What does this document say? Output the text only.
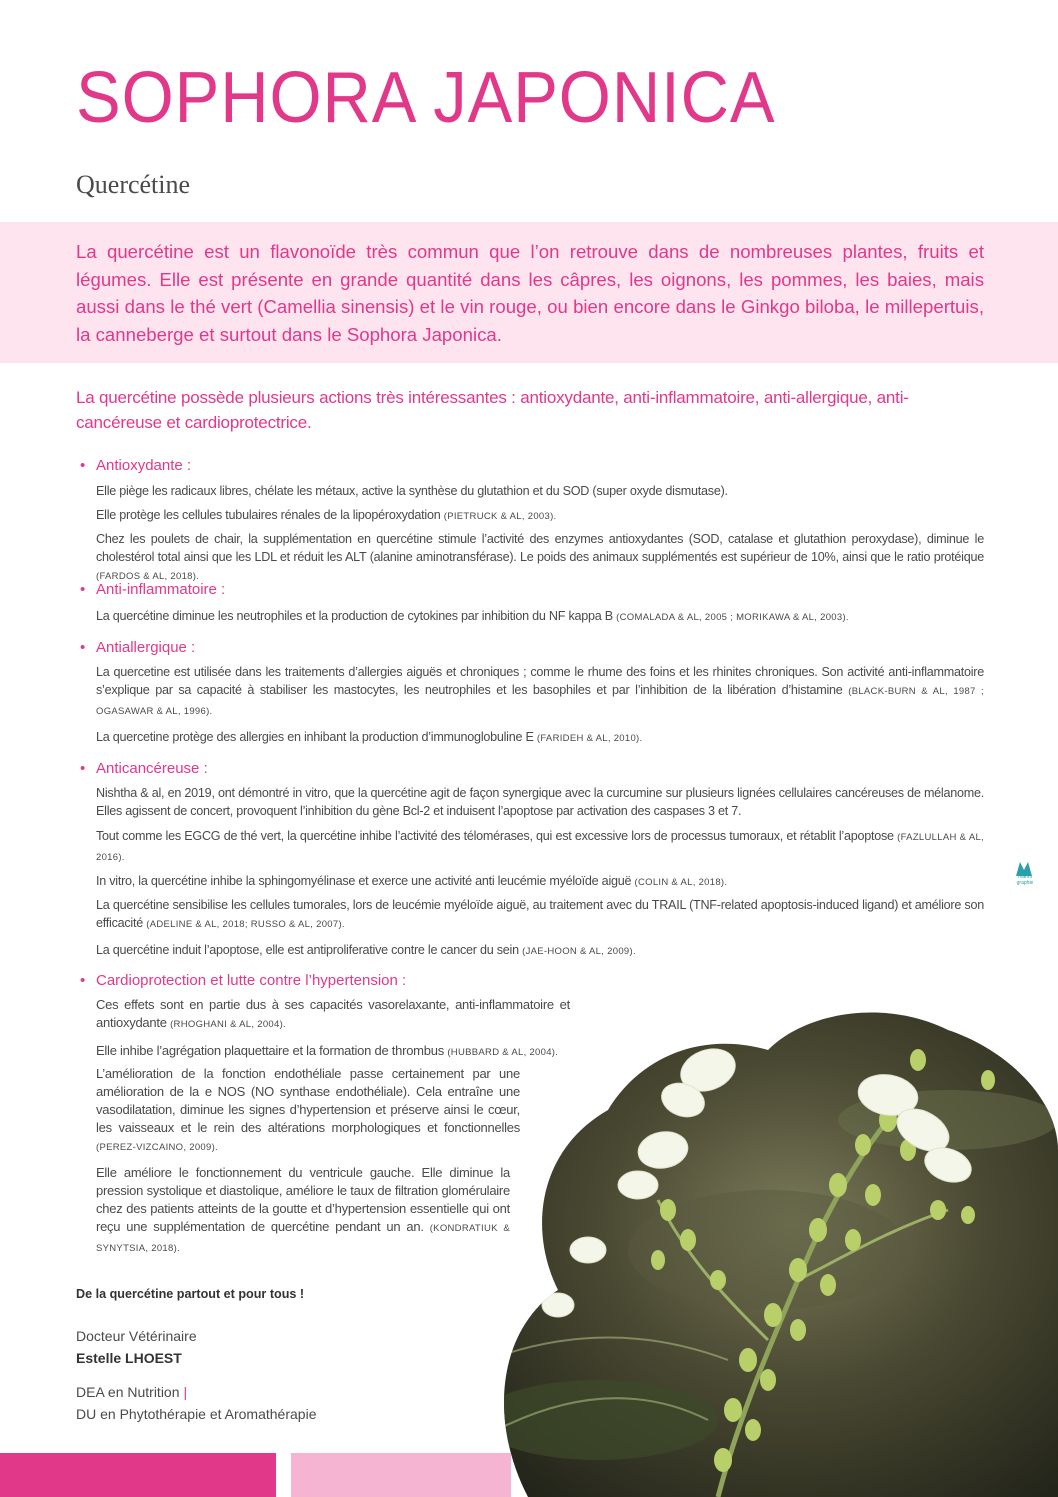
SOPHORA JAPONICA
Quercétine

La quercétine est un flavonoïde très commun que l’on retrouve dans de nombreuses plantes, fruits et légumes. Elle est présente en grande quantité dans les câpres, les oignons, les pommes, les baies, mais aussi dans le thé vert (Camellia sinensis) et le vin rouge, ou bien encore dans le Ginkgo biloba, le millepertuis, la canneberge et surtout dans le Sophora Japonica.

La quercétine possède plusieurs actions très intéressantes : antioxydante, anti-inflammatoire, anti-allergique, anti-cancéreuse et cardioprotectrice.

• Antioxydante :

Elle piège les radicaux libres, chélate les métaux, active la synthèse du glutathion et du SOD (super oxyde dismutase).

Elle protège les cellules tubulaires rénales de la lipopéroxydation (PIETRUCK & AL, 2003).

Chez les poulets de chair, la supplémentation en quercétine stimule l’activité des enzymes antioxydantes (SOD, catalase et glutathion peroxydase), diminue le cholestérol total ainsi que les LDL et réduit les ALT (alanine aminotransférase). Le poids des animaux supplémentés est supérieur de 10%, ainsi que le ratio protéique (FARDOS & AL, 2018).

• Anti-inflammatoire :

La quercétine diminue les neutrophiles et la production de cytokines par inhibition du NF kappa B (COMALADA & AL, 2005 ; MORIKAWA & AL, 2003).

• Antiallergique :

La quercetine est utilisée dans les traitements d’allergies aiguës et chroniques ; comme le rhume des foins et les rhinites chroniques. Son activité anti-inflammatoire s’explique par sa capacité à stabiliser les mastocytes, les neutrophiles et les basophiles et par l’inhibition de la libération d’histamine (BLACK-BURN & AL, 1987 ; OGASAWAR & AL, 1996).

La quercetine protège des allergies en inhibant la production d’immunoglobuline E (FARIDEH & AL, 2010).

• Anticancéreuse :

Nishtha & al, en 2019, ont démontré in vitro, que la quercétine agit de façon synergique avec la curcumine sur plusieurs lignées cellulaires cancéreuses de mélanome. Elles agissent de concert, provoquent l’inhibition du gène Bcl-2 et induisent l’apoptose par activation des caspases 3 et 7.

Tout comme les EGCG de thé vert, la quercétine inhibe l’activité des télomérases, qui est excessive lors de processus tumoraux, et rétablit l’apoptose (FAZLULLAH & AL, 2016).

In vitro, la quercétine inhibe la sphingomyélinase et exerce une activité anti leucémie myéloïde aiguë (COLIN & AL, 2018).

La quercétine sensibilise les cellules tumorales, lors de leucémie myéloïde aiguë, au traitement avec du TRAIL (TNF-related apoptosis-induced ligand) et améliore son efficacité (ADELINE & AL, 2018; RUSSO & AL, 2007).

La quercétine induit l’apoptose, elle est antiproliferative contre le cancer du sein (JAE-HOON & AL, 2009).

• Cardioprotection et lutte contre l’hypertension :

Ces effets sont en partie dus à ses capacités vasorelaxante, anti-inflammatoire et antioxydante (RHOGHANI & AL, 2004).

Elle inhibe l’agrégation plaquettaire et la formation de thrombus (HUBBARD & AL, 2004).

L’amélioration de la fonction endothéliale passe certainement par une amélioration de la e NOS (NO synthase endothéliale). Cela entraîne une vasodilatation, diminue les signes d’hypertension et préserve ainsi le cœur, les vaisseaux et le rein des altérations morphologiques et fonctionnelles (PEREZ-VIZCAINO, 2009).

Elle améliore le fonctionnement du ventricule gauche. Elle diminue la pression systolique et diastolique, améliore le taux de filtration glomérulaire chez des patients atteints de la goutte et d’hypertension essentielle qui ont reçu une supplémentation de quercétine pendant un an. (KONDRATIUK & SYNYTSIA, 2018).

De la quercétine partout et pour tous !

Docteur Vétérinaire

Estelle LHOEST

DEA en Nutrition |

DU en Phytothérapie et Aromathérapie

manni graphie
